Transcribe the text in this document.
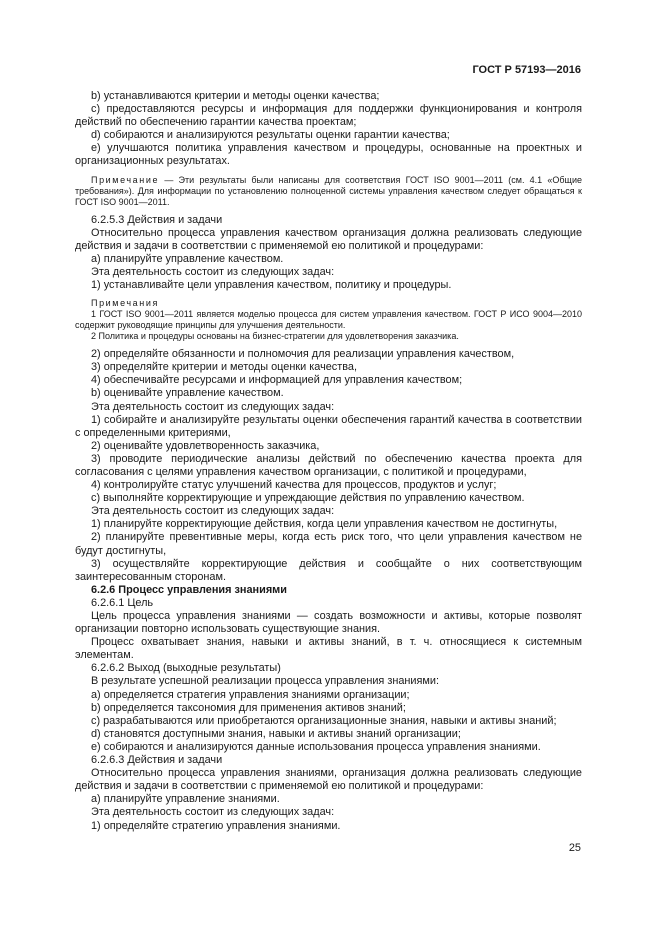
ГОСТ Р 57193—2016

b) устанавливаются критерии и методы оценки качества;

c) предоставляются ресурсы и информация для поддержки функционирования и контроля действий по обеспечению гарантии качества проектам;

d) собираются и анализируются результаты оценки гарантии качества;

e) улучшаются политика управления качеством и процедуры, основанные на проектных и организационных результатах.

Примечание — Эти результаты были написаны для соответствия ГОСТ ISO 9001—2011 (см. 4.1 «Общие требования»). Для информации по установлению полноценной системы управления качеством следует обращаться к ГОСТ ISO 9001—2011.

6.2.5.3 Действия и задачи

Относительно процесса управления качеством организация должна реализовать следующие действия и задачи в соответствии с применяемой ею политикой и процедурами:

a) планируйте управление качеством.

Эта деятельность состоит из следующих задач:

1) устанавливайте цели управления качеством, политику и процедуры.

Примечания

1 ГОСТ ISO 9001—2011 является моделью процесса для систем управления качеством. ГОСТ Р ИСО 9004—2010 содержит руководящие принципы для улучшения деятельности.

2 Политика и процедуры основаны на бизнес-стратегии для удовлетворения заказчика.

2) определяйте обязанности и полномочия для реализации управления качеством,

3) определяйте критерии и методы оценки качества,

4) обеспечивайте ресурсами и информацией для управления качеством;

b) оценивайте управление качеством.

Эта деятельность состоит из следующих задач:

1) собирайте и анализируйте результаты оценки обеспечения гарантий качества в соответствии с определенными критериями,

2) оценивайте удовлетворенность заказчика,

3) проводите периодические анализы действий по обеспечению качества проекта для согласования с целями управления качеством организации, с политикой и процедурами,

4) контролируйте статус улучшений качества для процессов, продуктов и услуг;

c) выполняйте корректирующие и упреждающие действия по управлению качеством.

Эта деятельность состоит из следующих задач:

1) планируйте корректирующие действия, когда цели управления качеством не достигнуты,

2) планируйте превентивные меры, когда есть риск того, что цели управления качеством не будут достигнуты,

3) осуществляйте корректирующие действия и сообщайте о них соответствующим заинтересованным сторонам.

6.2.6 Процесс управления знаниями

6.2.6.1 Цель

Цель процесса управления знаниями — создать возможности и активы, которые позволят организации повторно использовать существующие знания.

Процесс охватывает знания, навыки и активы знаний, в т. ч. относящиеся к системным элементам.

6.2.6.2 Выход (выходные результаты)

В результате успешной реализации процесса управления знаниями:

a) определяется стратегия управления знаниями организации;

b) определяется таксономия для применения активов знаний;

c) разрабатываются или приобретаются организационные знания, навыки и активы знаний;

d) становятся доступными знания, навыки и активы знаний организации;

e) собираются и анализируются данные использования процесса управления знаниями.

6.2.6.3 Действия и задачи

Относительно процесса управления знаниями, организация должна реализовать следующие действия и задачи в соответствии с применяемой ею политикой и процедурами:

a) планируйте управление знаниями.

Эта деятельность состоит из следующих задач:

1) определяйте стратегию управления знаниями.

25
